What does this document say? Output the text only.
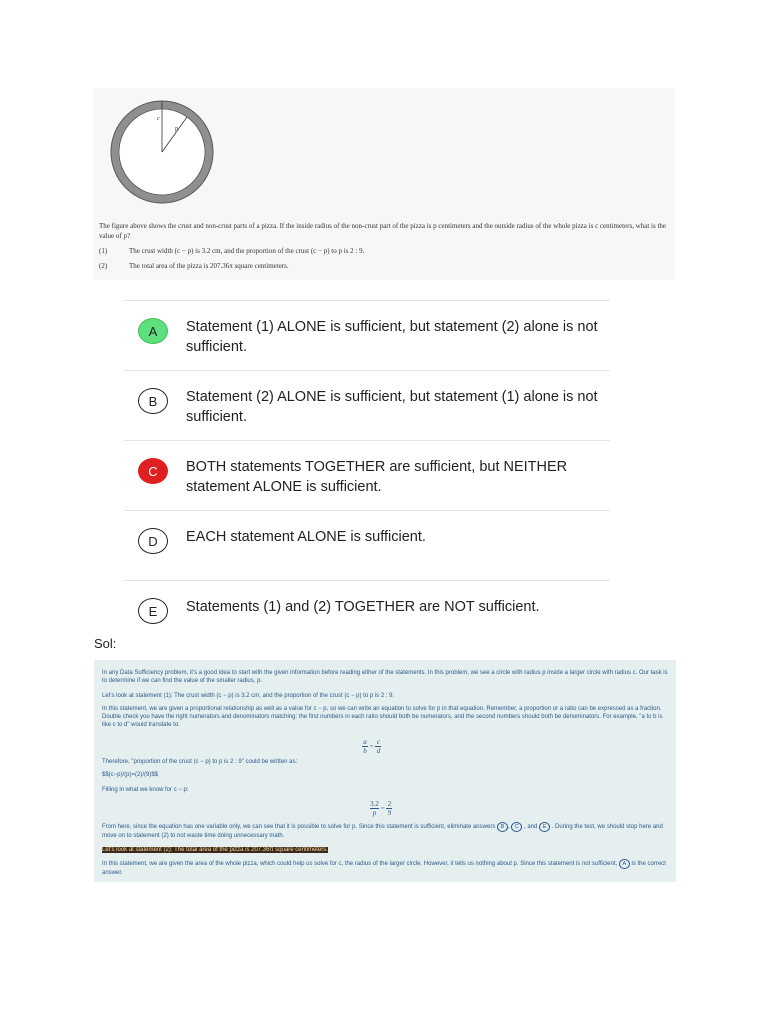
c
p
The figure above shows the crust and non-crust parts of a pizza. If the inside radius of the non-crust part of the pizza is p centimeters and the outside radius of the whole pizza is c centimeters, what is the value of p?
(1)	The crust width (c − p) is 3.2 cm, and the proportion of the crust (c − p) to p is 2 : 9.
(2)	The total area of the pizza is 207.36π square centimeters.
A	Statement (1) ALONE is sufficient, but statement (2) alone is not sufficient.
B	Statement (2) ALONE is sufficient, but statement (1) alone is not sufficient.
C	BOTH statements TOGETHER are sufficient, but NEITHER statement ALONE is sufficient.
D	EACH statement ALONE is sufficient.
E	Statements (1) and (2) TOGETHER are NOT sufficient.
Sol:

In any Data Sufficiency problem, it's a good idea to start with the given information before reading either of the statements. In this problem, we see a circle with radius p inside a larger circle with radius c. Our task is to determine if we can find the value of the smaller radius, p.

Let's look at statement (1): The crust width (c − p) is 3.2 cm, and the proportion of the crust (c − p) to p is 2 : 9.

In this statement, we are given a proportional relationship as well as a value for c − p, so we can write an equation to solve for p in that equation. Remember, a proportion or a ratio can be expressed as a fraction. Double check you have the right numerators and denominators matching: the first numbers in each ratio should both be numerators, and the second numbers should both be denominators. For example, "a to b is like c to d" would translate to:

$\frac{a}{b} = \frac{c}{d}$

Therefore, "proportion of the crust (c − p) to p is 2 : 9" could be written as:

$$(c−p)/(p)=(2)/(9)$$

Filling in what we know for c − p:

$\frac{3.2}{p} = \frac{2}{9}$

From here, since the equation has one variable only, we can see that it is possible to solve for p. Since this statement is sufficient, eliminate answers B , C , and E . During the test, we should stop here and move on to statement (2) to not waste time doing unnecessary math.

Let's look at statement (2): The total area of the pizza is 207.36π square centimeters.

In this statement, we are given the area of the whole pizza, which could help us solve for c, the radius of the larger circle. However, it tells us nothing about p. Since this statement is not sufficient, A is the correct answer.
